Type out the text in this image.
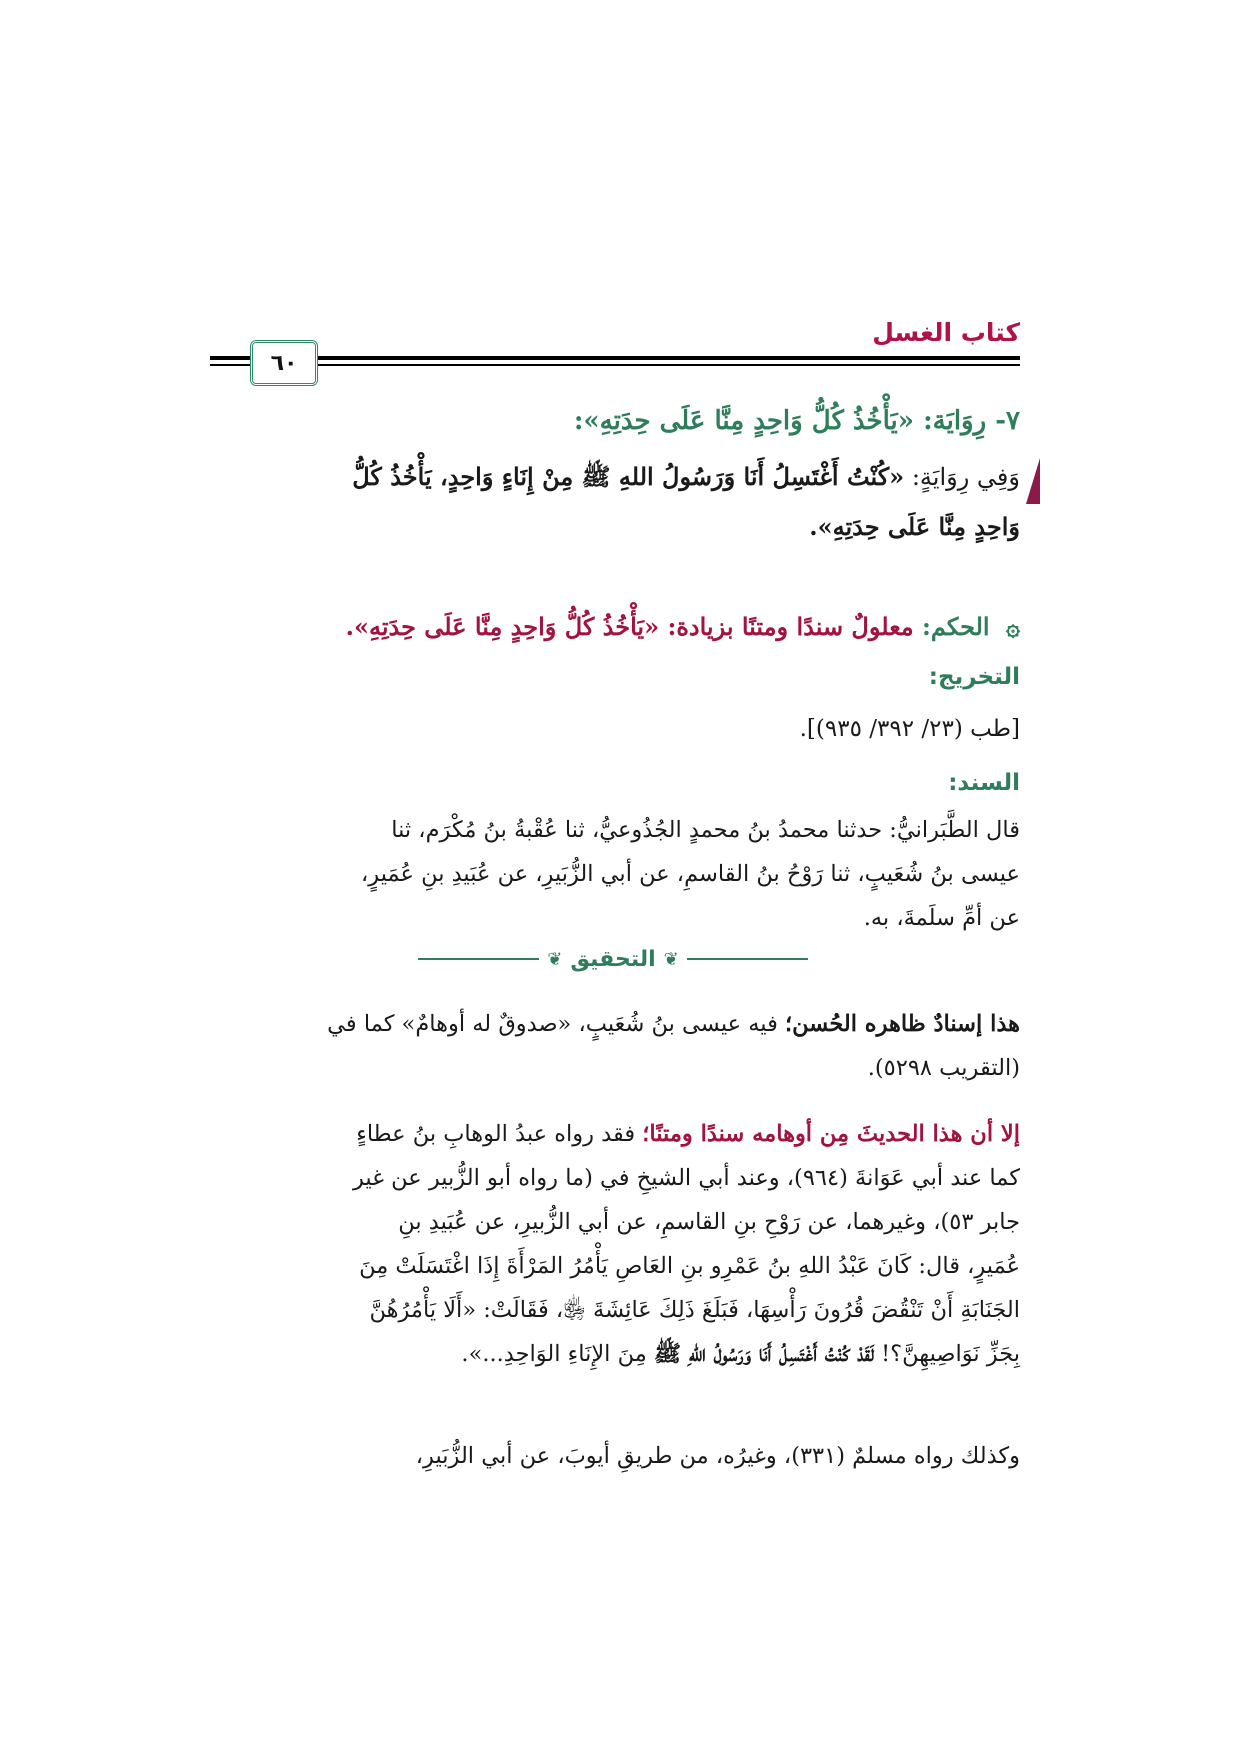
كتاب الغسل
٦٠
٧- رِوَايَة: «يَأْخُذُ كُلُّ وَاحِدٍ مِنَّا عَلَى حِدَتِهِ»:
وَفِي رِوَايَةٍ: «كُنْتُ أَغْتَسِلُ أَنَا وَرَسُولُ اللهِ ﷺ مِنْ إِنَاءٍ وَاحِدٍ، يَأْخُذُ كُلُّ
وَاحِدٍ مِنَّا عَلَى حِدَتِهِ».
۞ الحكم: معلولٌ سندًا ومتنًا بزيادة: «يَأْخُذُ كُلُّ وَاحِدٍ مِنَّا عَلَى حِدَتِهِ».
التخريج:
[طب (٢٣/ ٣٩٢/ ٩٣٥)].
السند:
قال الطَّبَرانيُّ: حدثنا محمدُ بنُ محمدٍ الجُذُوعيُّ، ثنا عُقْبةُ بنُ مُكْرَم، ثنا
عيسى بنُ شُعَيبٍ، ثنا رَوْحُ بنُ القاسمِ، عن أبي الزُّبَيرِ، عن عُبَيدِ بنِ عُمَيرٍ،
عن أمِّ سلَمةَ، به.
❦
التحقيق
❦
هذا إسنادٌ ظاهره الحُسن؛ فيه عيسى بنُ شُعَيبٍ، «صدوقٌ له أوهامٌ» كما في
(التقريب ٥٢٩٨).
إلا أن هذا الحديثَ مِن أوهامه سندًا ومتنًا؛ فقد رواه عبدُ الوهابِ بنُ عطاءٍ
كما عند أبي عَوَانةَ (٩٦٤)، وعند أبي الشيخِ في (ما رواه أبو الزُّبير عن غير
جابر ٥٣)، وغيرهما، عن رَوْحِ بنِ القاسمِ، عن أبي الزُّبيرِ، عن عُبَيدِ بنِ
عُمَيرٍ، قال: كَانَ عَبْدُ اللهِ بنُ عَمْرِو بنِ العَاصِ يَأْمُرُ المَرْأَةَ إِذَا اغْتَسَلَتْ مِنَ
الجَنَابَةِ أَنْ تَنْقُضَ قُرُونَ رَأْسِهَا، فَبَلَغَ ذَلِكَ عَائِشَةَ ﵂، فَقَالَتْ: «أَلَا يَأْمُرُهُنَّ
بِجَزِّ نَوَاصِيهِنَّ؟! لَقَدْ كُنْتُ أَغْتَسِلُ أَنَا وَرَسُولُ اللهِ ﷺ مِنَ الإِنَاءِ الوَاحِدِ...».
وكذلك رواه مسلمٌ (٣٣١)، وغيرُه، من طريقِ أيوبَ، عن أبي الزُّبَيرِ،
